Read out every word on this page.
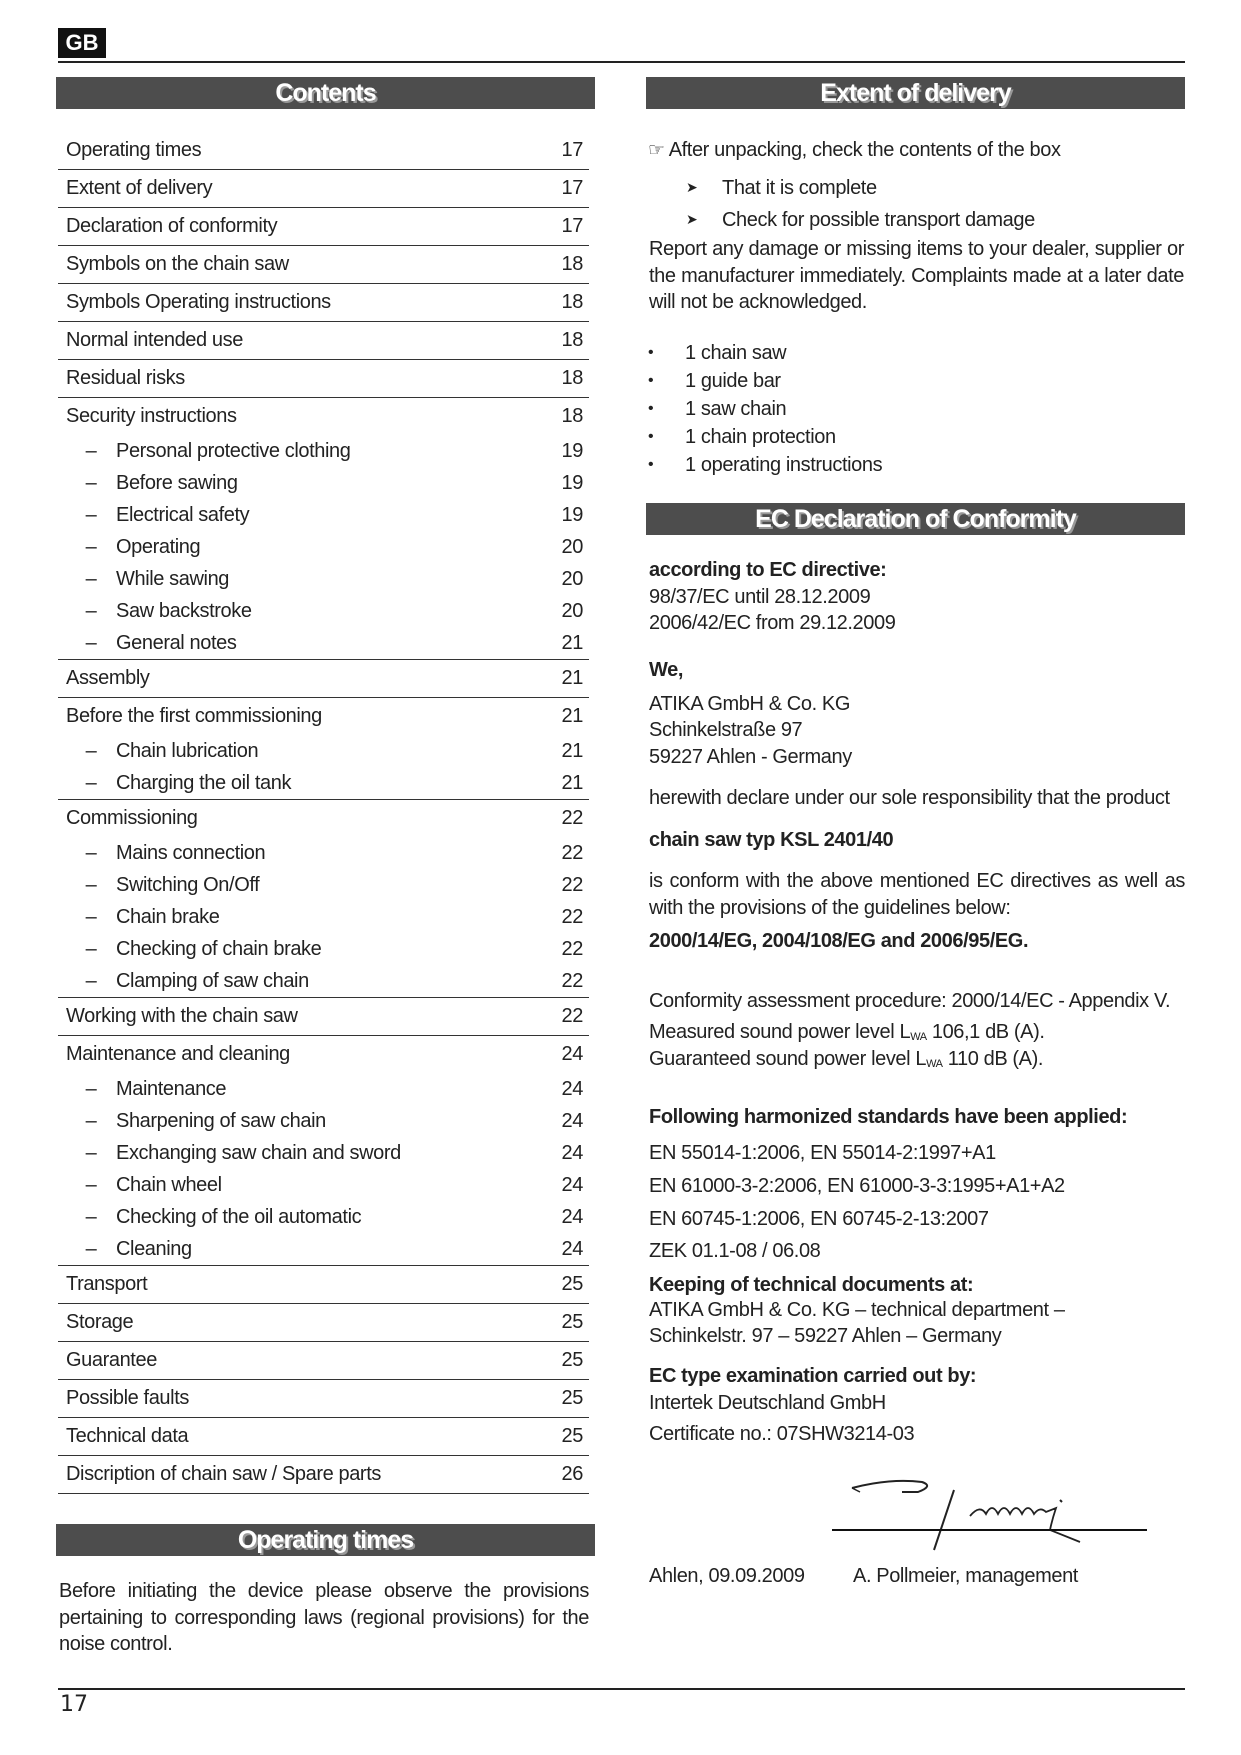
GB
Contents
Operating times	17
Extent of delivery	17
Declaration of conformity	17
Symbols on the chain saw	18
Symbols Operating instructions	18
Normal intended use	18
Residual risks	18
Security instructions	18
– Personal protective clothing	19
– Before sawing	19
– Electrical safety	19
– Operating	20
– While sawing	20
– Saw backstroke	20
– General notes	21
Assembly	21
Before the first commissioning	21
– Chain lubrication	21
– Charging the oil tank	21
Commissioning	22
– Mains connection	22
– Switching On/Off	22
– Chain brake	22
– Checking of chain brake	22
– Clamping of saw chain	22
Working with the chain saw	22
Maintenance and cleaning	24
– Maintenance	24
– Sharpening of saw chain	24
– Exchanging saw chain and sword	24
– Chain wheel	24
– Checking of the oil automatic	24
– Cleaning	24
Transport	25
Storage	25
Guarantee	25
Possible faults	25
Technical data	25
Discription of chain saw / Spare parts	26
Operating times
Before initiating the device please observe the provisions pertaining to corresponding laws (regional provisions) for the noise control.
Extent of delivery
☞ After unpacking, check the contents of the box
➤	That it is complete
➤	Check for possible transport damage
Report any damage or missing items to your dealer, supplier or the manufacturer immediately. Complaints made at a later date will not be acknowledged.
•	1 chain saw
•	1 guide bar
•	1 saw chain
•	1 chain protection
•	1 operating instructions
EC Declaration of Conformity
according to EC directive:
98/37/EC until 28.12.2009
2006/42/EC from 29.12.2009
We,
ATIKA GmbH & Co. KG
Schinkelstraße 97
59227 Ahlen - Germany
herewith declare under our sole responsibility that the product
chain saw typ KSL 2401/40
is conform with the above mentioned EC directives as well as with the provisions of the guidelines below:
2000/14/EG, 2004/108/EG and 2006/95/EG.
Conformity assessment procedure: 2000/14/EC - Appendix V.
Measured sound power level $L_{WA}$ 106,1 dB (A).
Guaranteed sound power level $L_{WA}$ 110 dB (A).
Following harmonized standards have been applied:
EN 55014-1:2006, EN 55014-2:1997+A1
EN 61000-3-2:2006, EN 61000-3-3:1995+A1+A2
EN 60745-1:2006, EN 60745-2-13:2007
ZEK 01.1-08 / 06.08
Keeping of technical documents at:
ATIKA GmbH & Co. KG – technical department –
Schinkelstr. 97 – 59227 Ahlen – Germany
EC type examination carried out by:
Intertek Deutschland GmbH
Certificate no.: 07SHW3214-03
Ahlen, 09.09.2009 A. Pollmeier, management
17
